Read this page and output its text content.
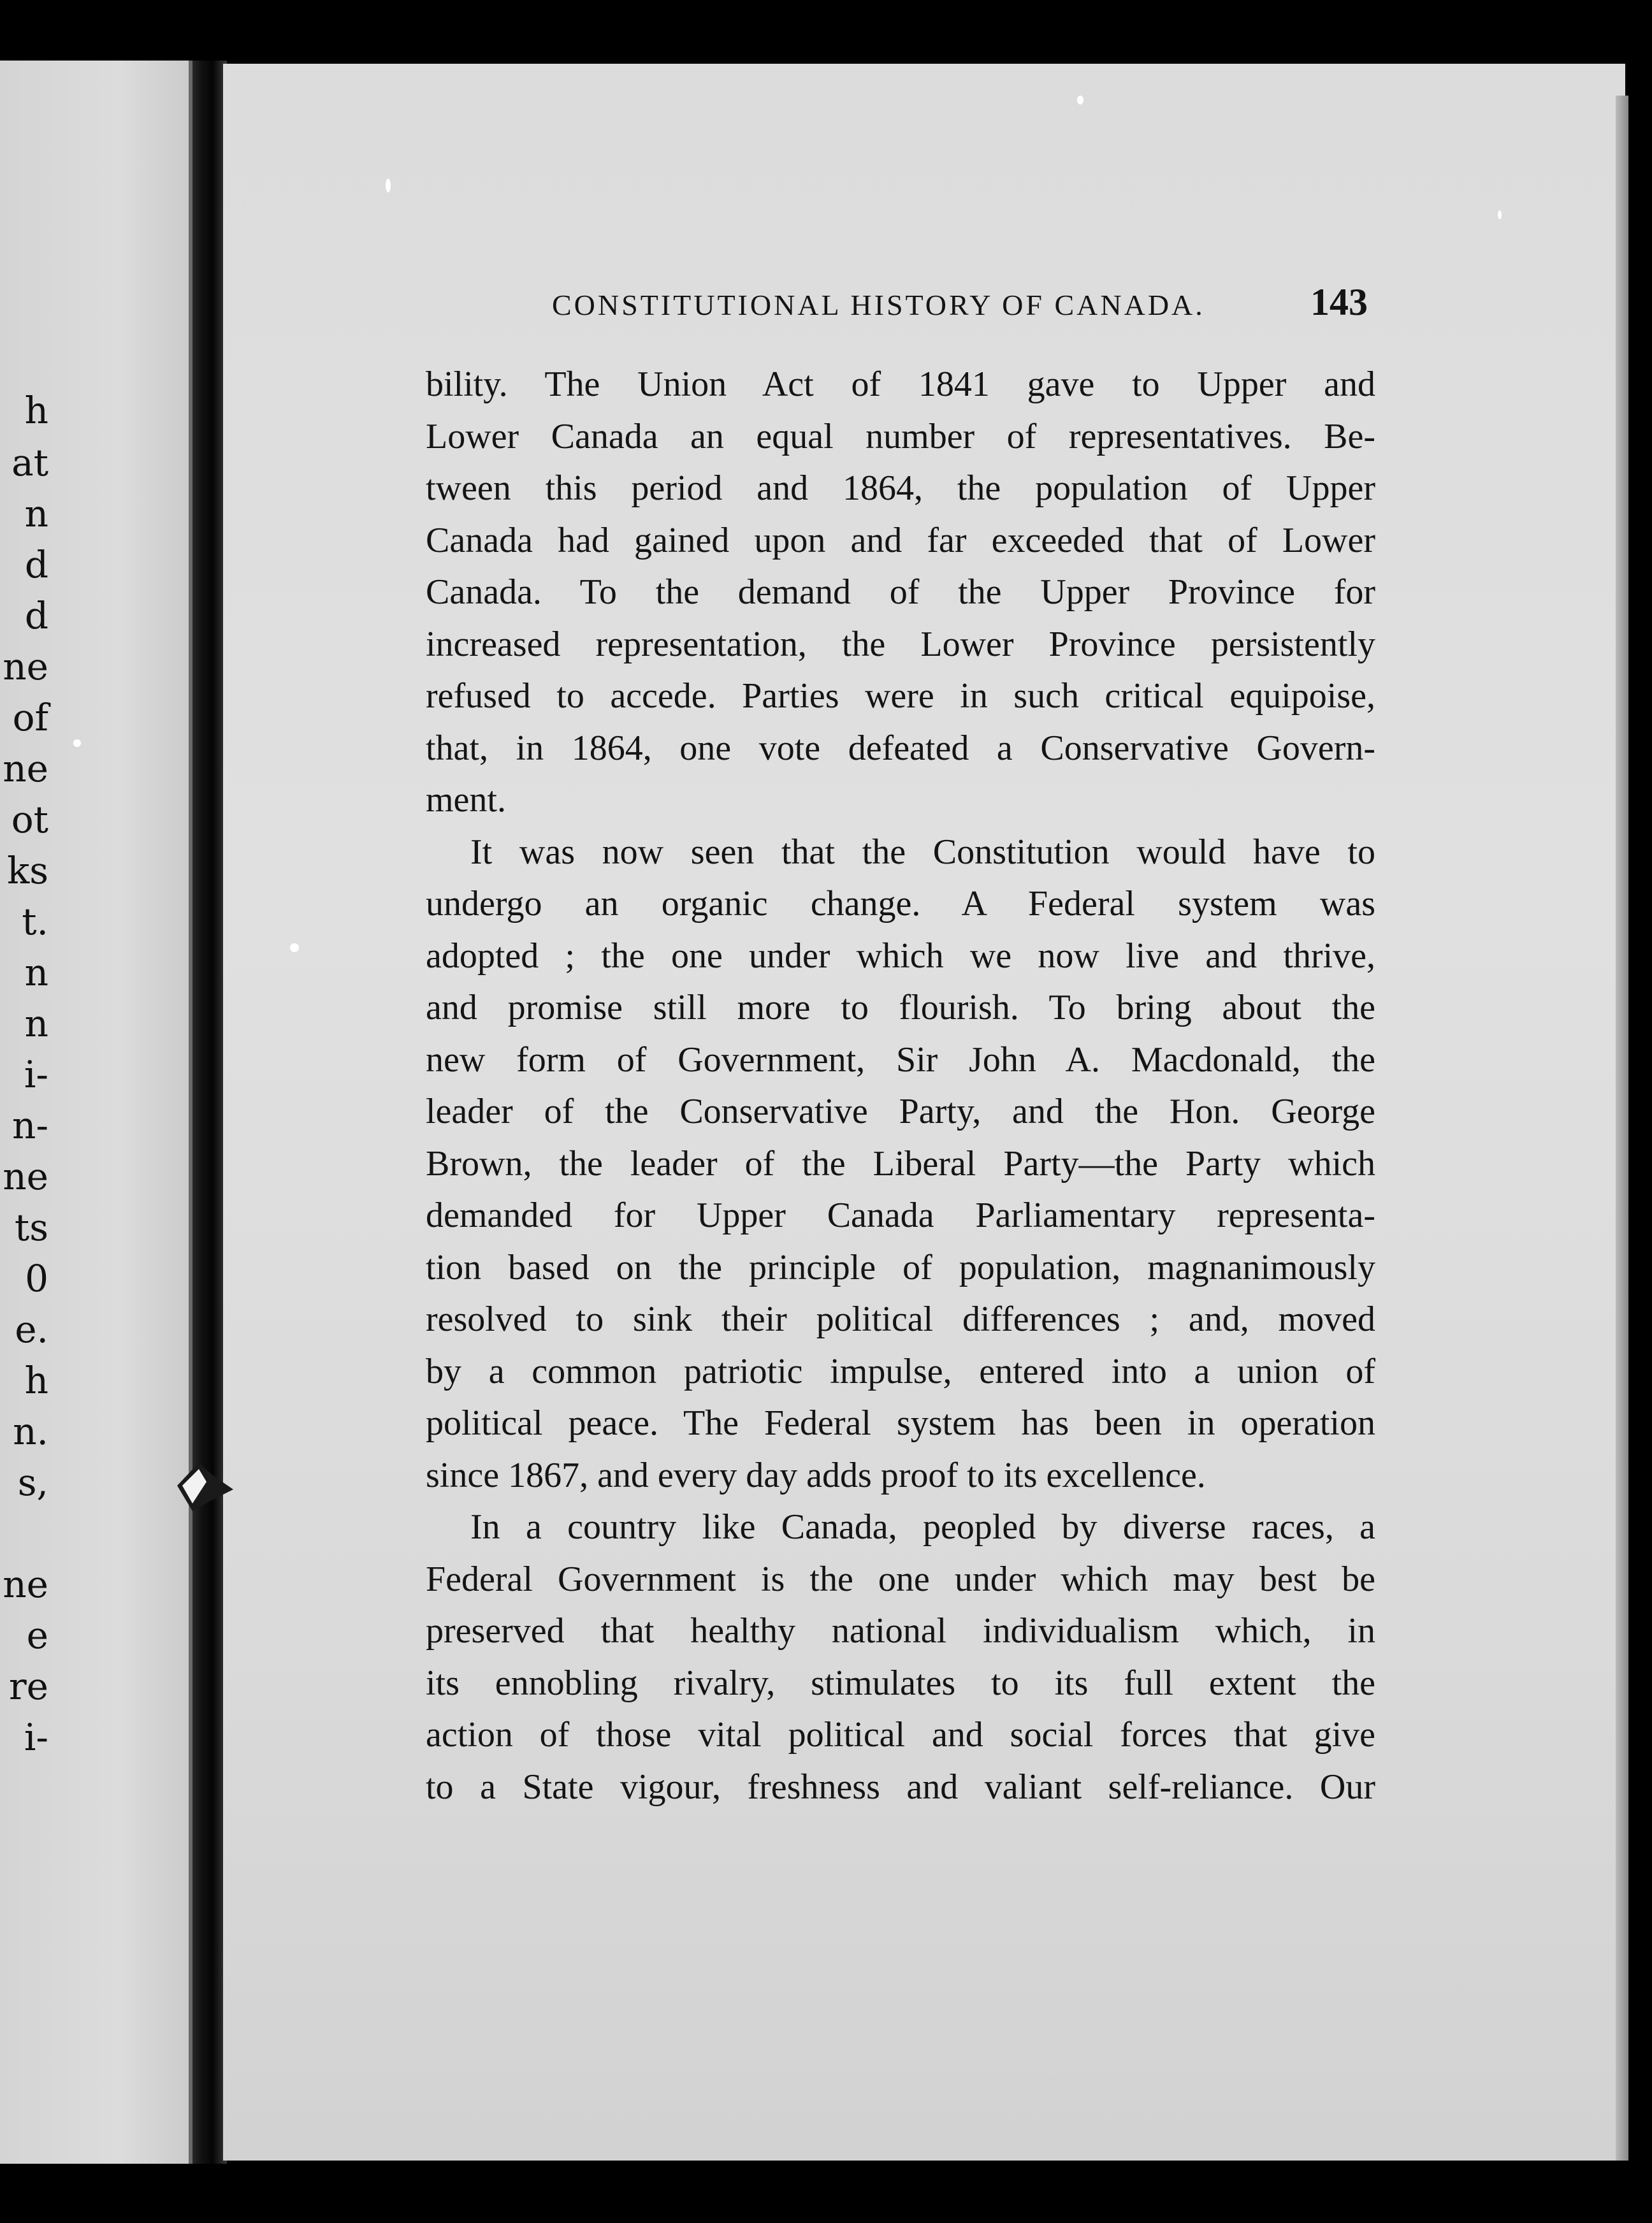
h
at
n
d
d
ne
of
ne
ot
ks
t.
n
n
i-
n-
ne
ts
0
e.
h
n.
s,
ne
e
re
i-
CONSTITUTIONAL HISTORY OF CANADA.	143
bility. The Union Act of 1841 gave to Upper and
Lower Canada an equal number of representatives. Be-
tween this period and 1864, the population of Upper
Canada had gained upon and far exceeded that of Lower
Canada. To the demand of the Upper Province for
increased representation, the Lower Province persistently
refused to accede. Parties were in such critical equipoise,
that, in 1864, one vote defeated a Conservative Govern-
ment.
It was now seen that the Constitution would have to
undergo an organic change. A Federal system was
adopted ; the one under which we now live and thrive,
and promise still more to flourish. To bring about the
new form of Government, Sir John A. Macdonald, the
leader of the Conservative Party, and the Hon. George
Brown, the leader of the Liberal Party—the Party which
demanded for Upper Canada Parliamentary representa-
tion based on the principle of population, magnanimously
resolved to sink their political differences ; and, moved
by a common patriotic impulse, entered into a union of
political peace. The Federal system has been in operation
since 1867, and every day adds proof to its excellence.
In a country like Canada, peopled by diverse races, a
Federal Government is the one under which may best be
preserved that healthy national individualism which, in
its ennobling rivalry, stimulates to its full extent the
action of those vital political and social forces that give
to a State vigour, freshness and valiant self-reliance. Our
